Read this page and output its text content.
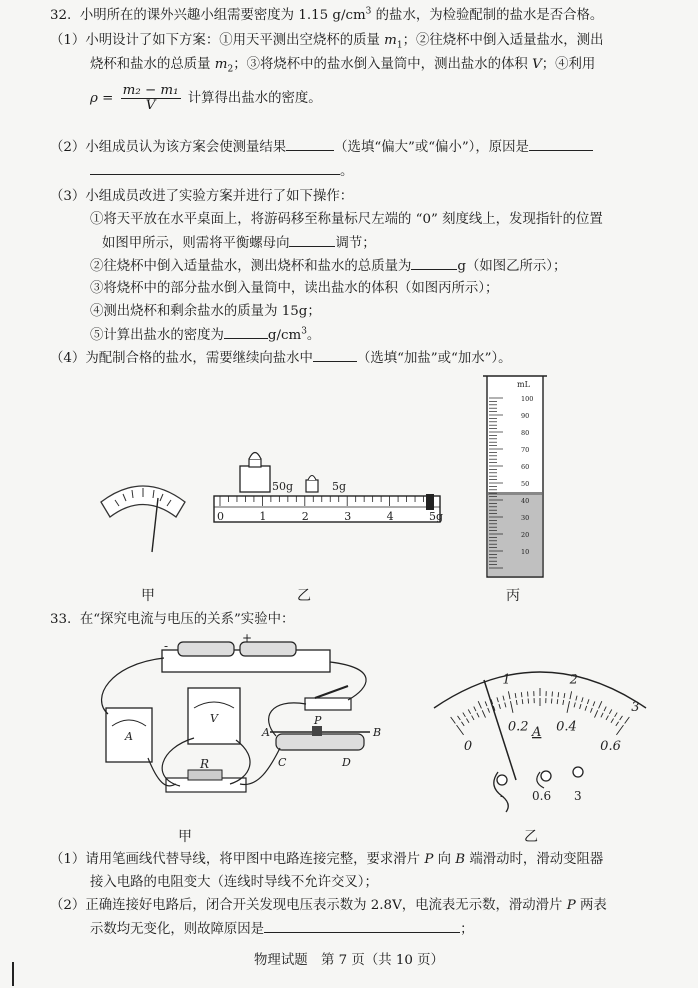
32. 小明所在的课外兴趣小组需要密度为 1.15 $g/cm^3$ 的盐水，为检验配制的盐水是否合格。
（1）小明设计了如下方案：①用天平测出空烧杯的质量 $m_1$；②往烧杯中倒入适量盐水，测出
烧杯和盐水的总质量 $m_2$；③将烧杯中的盐水倒入量筒中，测出盐水的体积 V；④利用
$\rho = \frac{\text{m₂ − m₁}}{V}$ 计算得出盐水的密度。
（2）小组成员认为该方案会使测量结果	（选填“偏大”或“偏小”），原因是
。
（3）小组成员改进了实验方案并进行了如下操作：
①将天平放在水平桌面上，将游码移至称量标尺左端的 “0” 刻度线上，发现指针的位置
如图甲所示，则需将平衡螺母向	调节；
②往烧杯中倒入适量盐水，测出烧杯和盐水的总质量为	g（如图乙所示）；
③将烧杯中的部分盐水倒入量筒中，读出盐水的体积（如图丙所示）；
④测出烧杯和剩余盐水的质量为 15g；
⑤计算出盐水的密度为	$g/cm^3$。
（4）为配制合格的盐水，需要继续向盐水中	（选填“加盐”或“加水”）。
甲
50g	5g
0	1	2	3	4	5g
乙
mL
100
90
80
70
60
50
40
30
20
10
丙
33. 在“探究电流与电压的关系”实验中：
-
+
A
V
R
P
A	B
C	D
甲
0
0.2 0.4
0.6
1	2
3
A
- 0.6 3
乙
（1）请用笔画线代替导线，将甲图中电路连接完整，要求滑片 P 向 B 端滑动时，滑动变阻器
接入电路的电阻变大（连线时导线不允许交叉）；
（2）正确连接好电路后，闭合开关发现电压表示数为 2.8V，电流表无示数，滑动滑片 P 两表
示数均无变化，则故障原因是	；
物理试题　第 7 页（共 10 页）
